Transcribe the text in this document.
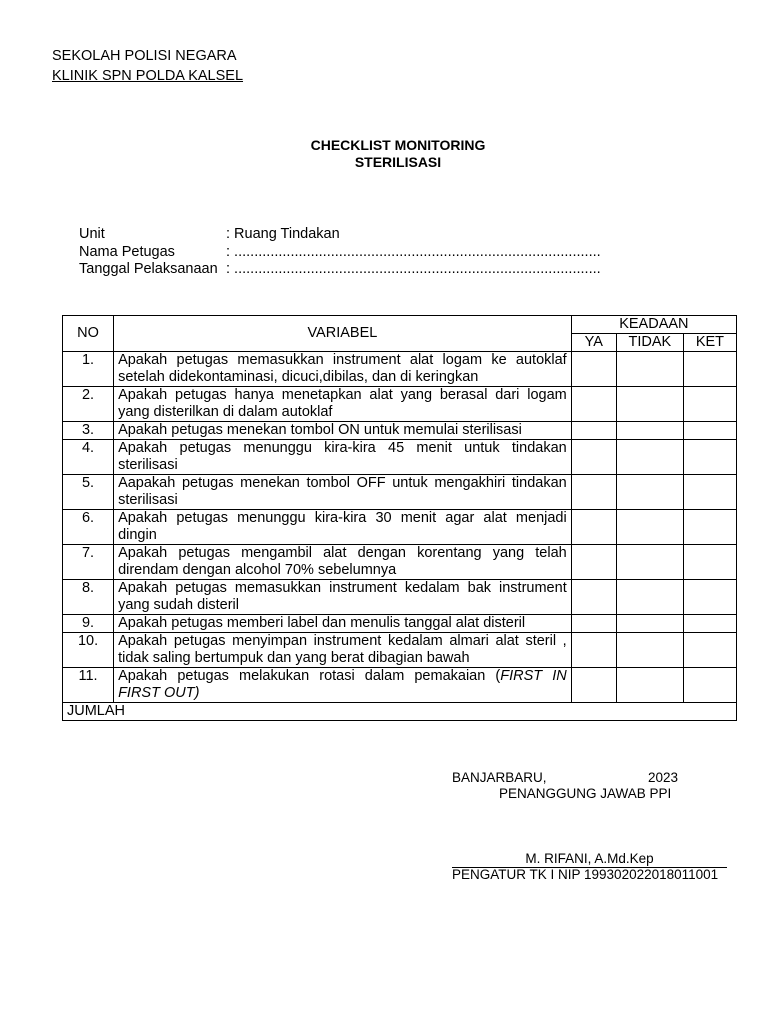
SEKOLAH POLISI NEGARA
KLINIK SPN POLDA KALSEL
CHECKLIST MONITORING
STERILISASI
Unit	: Ruang Tindakan
Nama Petugas	: ...........................................................................................
Tanggal Pelaksanaan : ...........................................................................................
NO	VARIABEL	KEADAAN		
		YA	TIDAK	KET
1.	Apakah petugas memasukkan instrument alat logam ke autoklaf setelah didekontaminasi, dicuci,dibilas, dan di keringkan			
2.	Apakah petugas hanya menetapkan alat yang berasal dari logam yang disterilkan di dalam autoklaf			
3.	Apakah petugas menekan tombol ON untuk memulai sterilisasi			
4.	Apakah petugas menunggu kira-kira 45 menit untuk tindakan sterilisasi			
5.	Aapakah petugas menekan tombol OFF untuk mengakhiri tindakan sterilisasi			
6.	Apakah petugas menunggu kira-kira 30 menit agar alat menjadi dingin			
7.	Apakah petugas mengambil alat dengan korentang yang telah direndam dengan alcohol 70% sebelumnya			
8.	Apakah petugas memasukkan instrument kedalam bak instrument yang sudah disteril			
9.	Apakah petugas memberi label dan menulis tanggal alat disteril			
10.	Apakah petugas menyimpan instrument kedalam almari alat steril , tidak saling bertumpuk dan yang berat dibagian bawah			
11.	Apakah petugas melakukan rotasi dalam pemakaian (FIRST IN FIRST OUT)			
JUMLAH				
BANJARBARU,	2023
PENANGGUNG JAWAB PPI
M. RIFANI, A.Md.Kep
PENGATUR TK I NIP 199302022018011001
